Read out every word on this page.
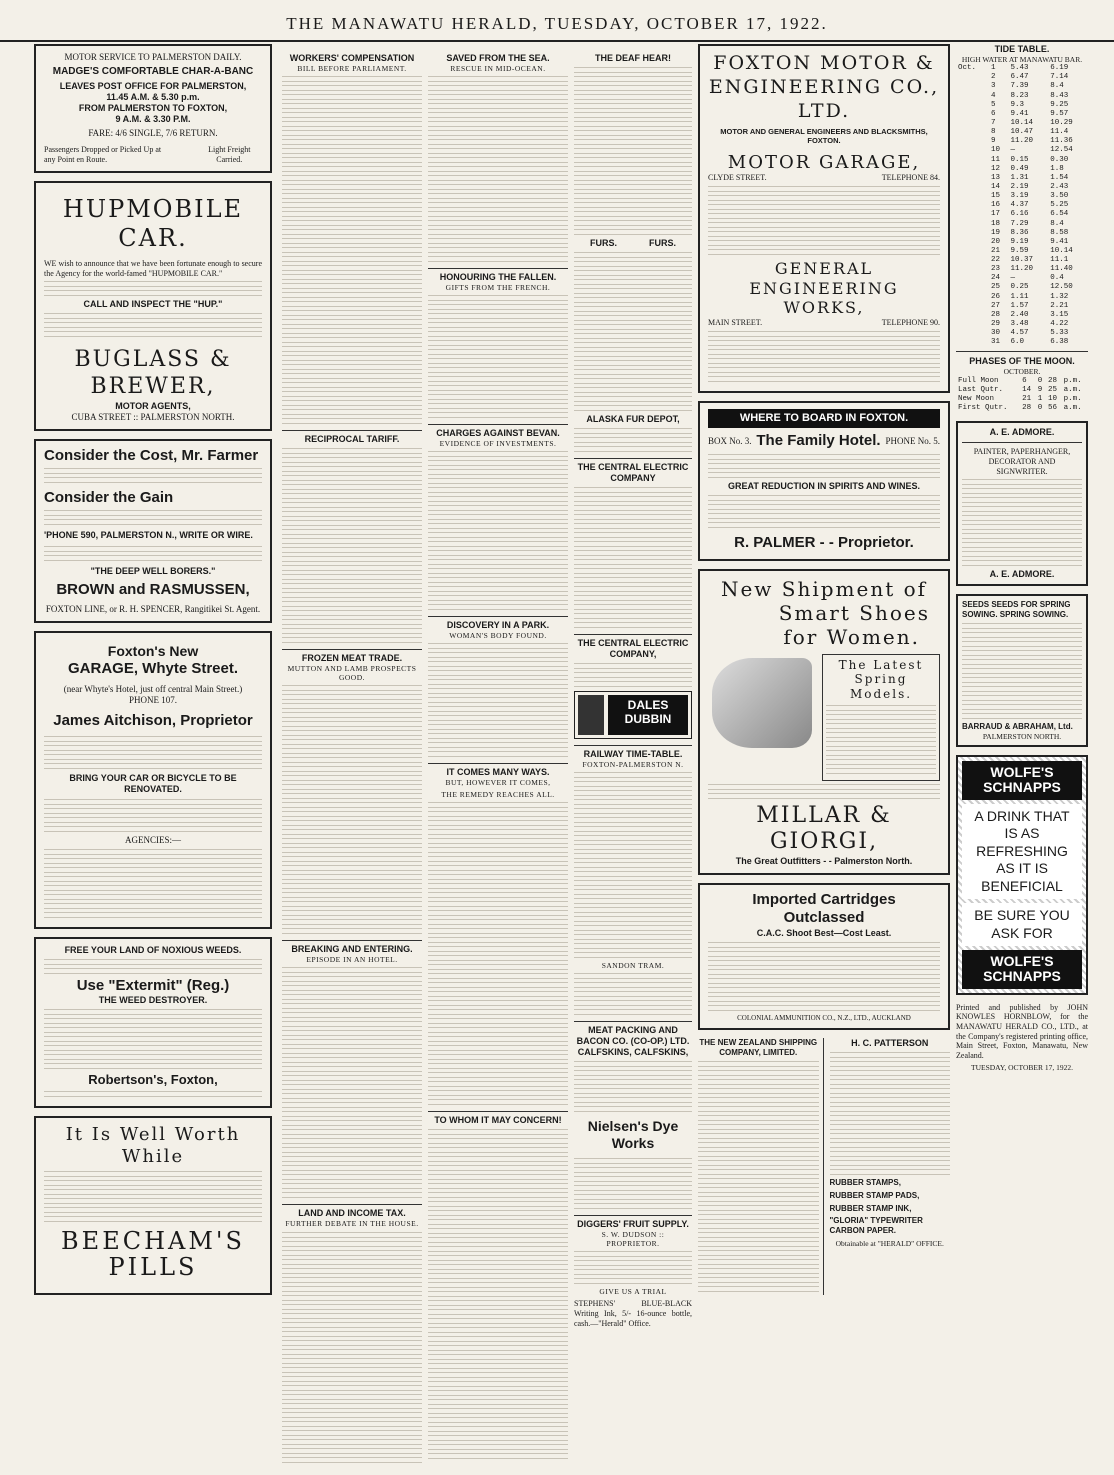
THE MANAWATU HERALD, TUESDAY, OCTOBER 17, 1922.
MOTOR SERVICE TO PALMERSTON DAILY.
MADGE'S COMFORTABLE CHAR-A-BANC
LEAVES POST OFFICE FOR PALMERSTON,
11.45 A.M. & 5.30 p.m.
FROM PALMERSTON TO FOXTON,
9 A.M. & 3.30 P.M.
FARE: 4/6 SINGLE, 7/6 RETURN.
Passengers Dropped or Picked Up at any Point en Route.
Light Freight Carried.
HUPMOBILE CAR.
WE wish to announce that we have been fortunate enough to secure the Agency for the world-famed "HUPMOBILE CAR."
CALL AND INSPECT THE "HUP."
BUGLASS & BREWER,
MOTOR AGENTS,
CUBA STREET :: PALMERSTON NORTH.
Consider the Cost, Mr. Farmer
Consider the Gain
'PHONE 590, PALMERSTON N., WRITE OR WIRE.
"THE DEEP WELL BORERS."
BROWN and RASMUSSEN,
FOXTON LINE, or R. H. SPENCER, Rangitikei St. Agent.
Foxton's New
GARAGE, Whyte Street.
(near Whyte's Hotel, just off central Main Street.)
PHONE 107.
James Aitchison, Proprietor
BRING YOUR CAR OR BICYCLE TO BE RENOVATED.
AGENCIES:—
FREE YOUR LAND OF NOXIOUS WEEDS.
Use "Extermit" (Reg.)
THE WEED DESTROYER.
Robertson's, Foxton,
It Is Well Worth While
BEECHAM'S PILLS
WORKERS' COMPENSATION
BILL BEFORE PARLIAMENT.
RECIPROCAL TARIFF.
FROZEN MEAT TRADE.
MUTTON AND LAMB PROSPECTS GOOD.
BREAKING AND ENTERING.
EPISODE IN AN HOTEL.
LAND AND INCOME TAX.
FURTHER DEBATE IN THE HOUSE.
SAVED FROM THE SEA.
RESCUE IN MID-OCEAN.
HONOURING THE FALLEN.
GIFTS FROM THE FRENCH.
CHARGES AGAINST BEVAN.
EVIDENCE OF INVESTMENTS.
DISCOVERY IN A PARK.
WOMAN'S BODY FOUND.
IT COMES MANY WAYS.
BUT, HOWEVER IT COMES,
THE REMEDY REACHES ALL.
TO WHOM IT MAY CONCERN!
THE DEAF HEAR!
FURS.	FURS.
ALASKA FUR DEPOT,
THE CENTRAL ELECTRIC COMPANY
THE CENTRAL ELECTRIC COMPANY,
DALES DUBBIN
RAILWAY TIME-TABLE.
FOXTON-PALMERSTON N.
SANDON TRAM.
MEAT PACKING AND BACON CO. (CO-OP.) LTD.
CALFSKINS, CALFSKINS,
Nielsen's Dye Works
DIGGERS' FRUIT SUPPLY.
S. W. DUDSON :: PROPRIETOR.
GIVE US A TRIAL
STEPHENS' BLUE-BLACK Writing Ink, 5/- 16-ounce bottle, cash.—"Herald" Office.
FOXTON MOTOR & ENGINEERING CO., LTD.
MOTOR AND GENERAL ENGINEERS AND BLACKSMITHS, FOXTON.
MOTOR GARAGE,
CLYDE STREET.	TELEPHONE 84.
GENERAL ENGINEERING WORKS,
MAIN STREET.	TELEPHONE 90.
WHERE TO BOARD IN FOXTON.
BOX No. 3. The Family Hotel. PHONE No. 5.
GREAT REDUCTION IN SPIRITS AND WINES.
R. PALMER - - Proprietor.
New Shipment of
Smart Shoes
for Women.
The Latest Spring Models.
MILLAR & GIORGI,
The Great Outfitters - - Palmerston North.
Imported Cartridges
Outclassed
C.A.C. Shoot Best—Cost Least.
COLONIAL AMMUNITION CO., N.Z., LTD., AUCKLAND
THE NEW ZEALAND SHIPPING COMPANY, LIMITED.
H. C. PATTERSON
RUBBER STAMPS,
RUBBER STAMP PADS,
RUBBER STAMP INK,
"GLORIA" TYPEWRITER CARBON PAPER.
Obtainable at "HERALD" OFFICE.
TIDE TABLE.
HIGH WATER AT MANAWATU BAR.
Oct.	1	5.43	6.19
	2	6.47	7.14
	3	7.39	8.4
	4	8.23	8.43
	5	9.3	9.25
	6	9.41	9.57
	7	10.14	10.29
	8	10.47	11.4
	9	11.20	11.36
	10	—	12.54
	11	0.15	0.30
	12	0.49	1.8
	13	1.31	1.54
	14	2.19	2.43
	15	3.19	3.50
	16	4.37	5.25
	17	6.16	6.54
	18	7.29	8.4
	19	8.36	8.58
	20	9.19	9.41
	21	9.59	10.14
	22	10.37	11.1
	23	11.20	11.40
	24	—	0.4
	25	0.25	12.50
	26	1.11	1.32
	27	1.57	2.21
	28	2.40	3.15
	29	3.48	4.22
	30	4.57	5.33
	31	6.0	6.38
PHASES OF THE MOON.
OCTOBER.
Full Moon	6	0	28	p.m.
Last Qutr.	14	9	25	a.m.
New Moon	21	1	10	p.m.
First Qutr.	28	0	56	a.m.
A. E. ADMORE.
PAINTER, PAPERHANGER, DECORATOR AND SIGNWRITER.
A. E. ADMORE.
SEEDS SEEDS FOR SPRING SOWING. SPRING SOWING.
BARRAUD & ABRAHAM, Ltd.
PALMERSTON NORTH.
WOLFE'S SCHNAPPS
A DRINK THAT IS AS REFRESHING AS IT IS BENEFICIAL
BE SURE YOU ASK FOR
WOLFE'S SCHNAPPS
Printed and published by JOHN KNOWLES HORNBLOW, for the MANAWATU HERALD CO., LTD., at the Company's registered printing office, Main Street, Foxton, Manawatu, New Zealand.
TUESDAY, OCTOBER 17, 1922.
